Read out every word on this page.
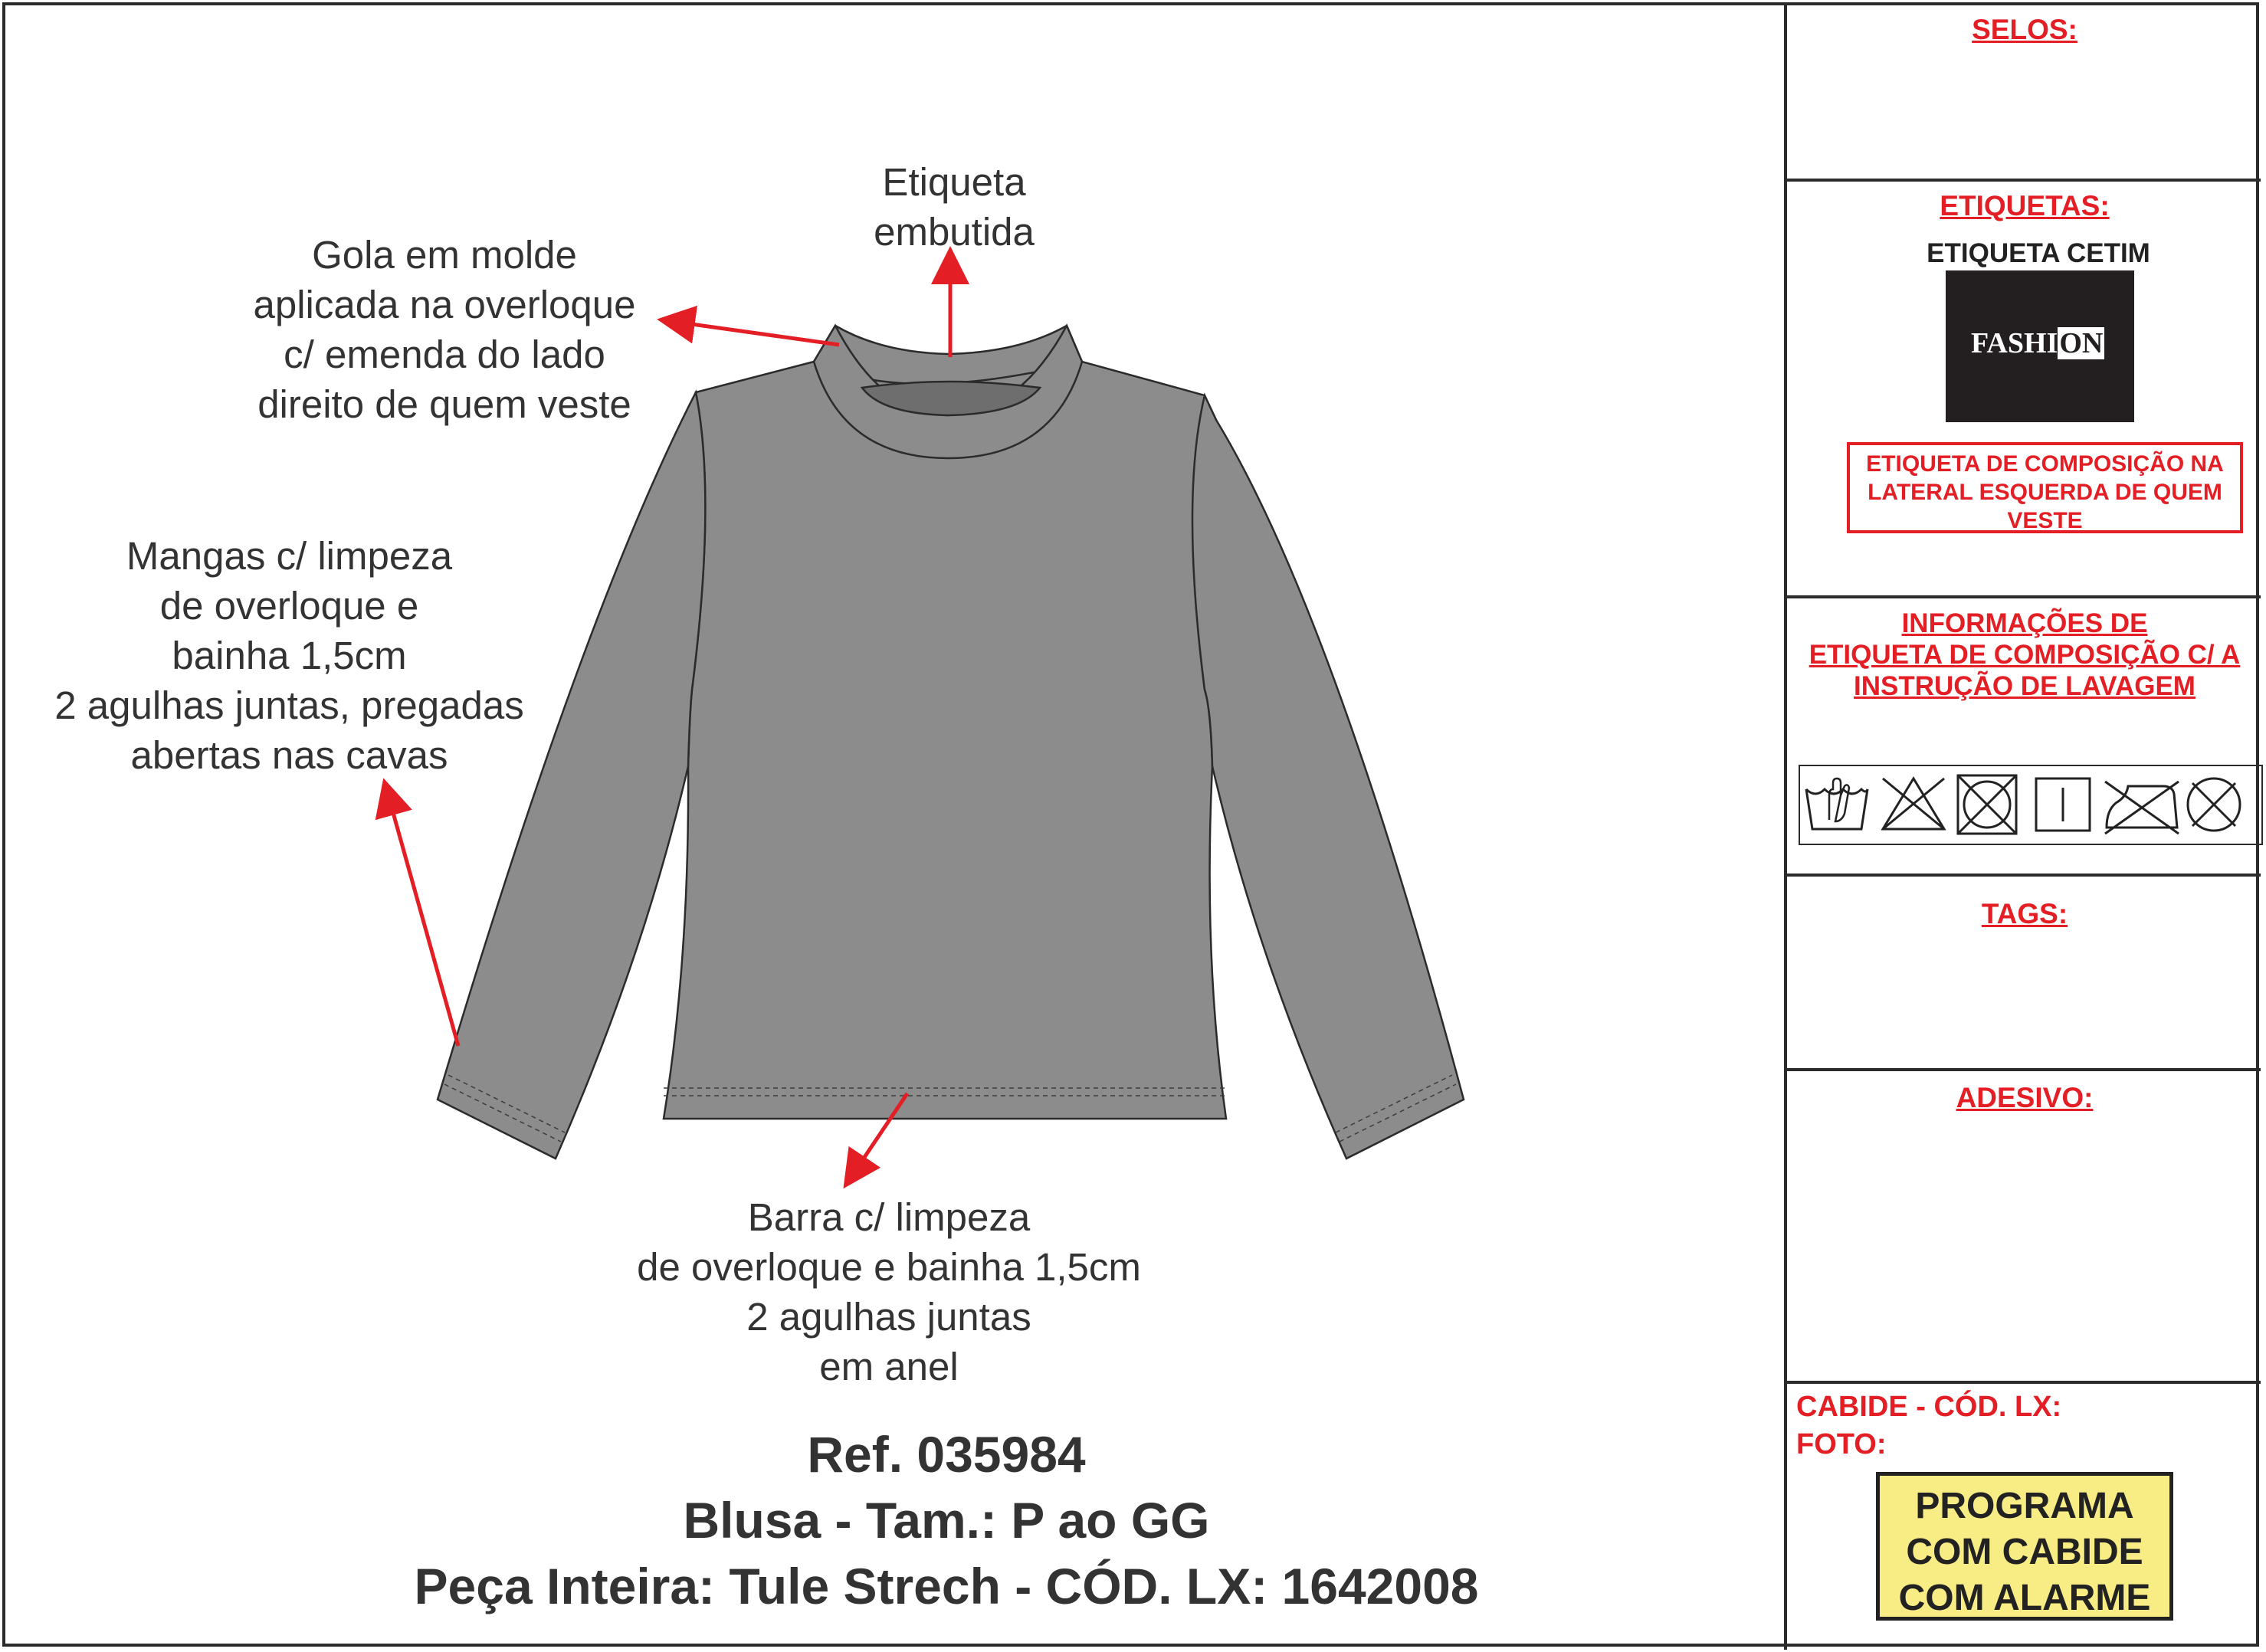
Etiqueta
embutida
Gola em molde
aplicada na overloque
c/ emenda do lado
direito de quem veste
Mangas c/ limpeza
de overloque e
bainha 1,5cm
2 agulhas juntas, pregadas
abertas nas cavas
Barra c/ limpeza
de overloque e bainha 1,5cm
2 agulhas juntas
em anel
Ref. 035984
Blusa - Tam.: P ao GG
Peça Inteira: Tule Strech - CÓD. LX: 1642008
SELOS:
ETIQUETAS:
ETIQUETA CETIM
FASHION
ETIQUETA DE COMPOSIÇÃO NA
LATERAL ESQUERDA DE QUEM
VESTE
INFORMAÇÕES DE
ETIQUETA DE COMPOSIÇÃO C/ A
INSTRUÇÃO DE LAVAGEM
TAGS:
ADESIVO:
CABIDE - CÓD. LX:
FOTO:
PROGRAMA
COM CABIDE
COM ALARME
